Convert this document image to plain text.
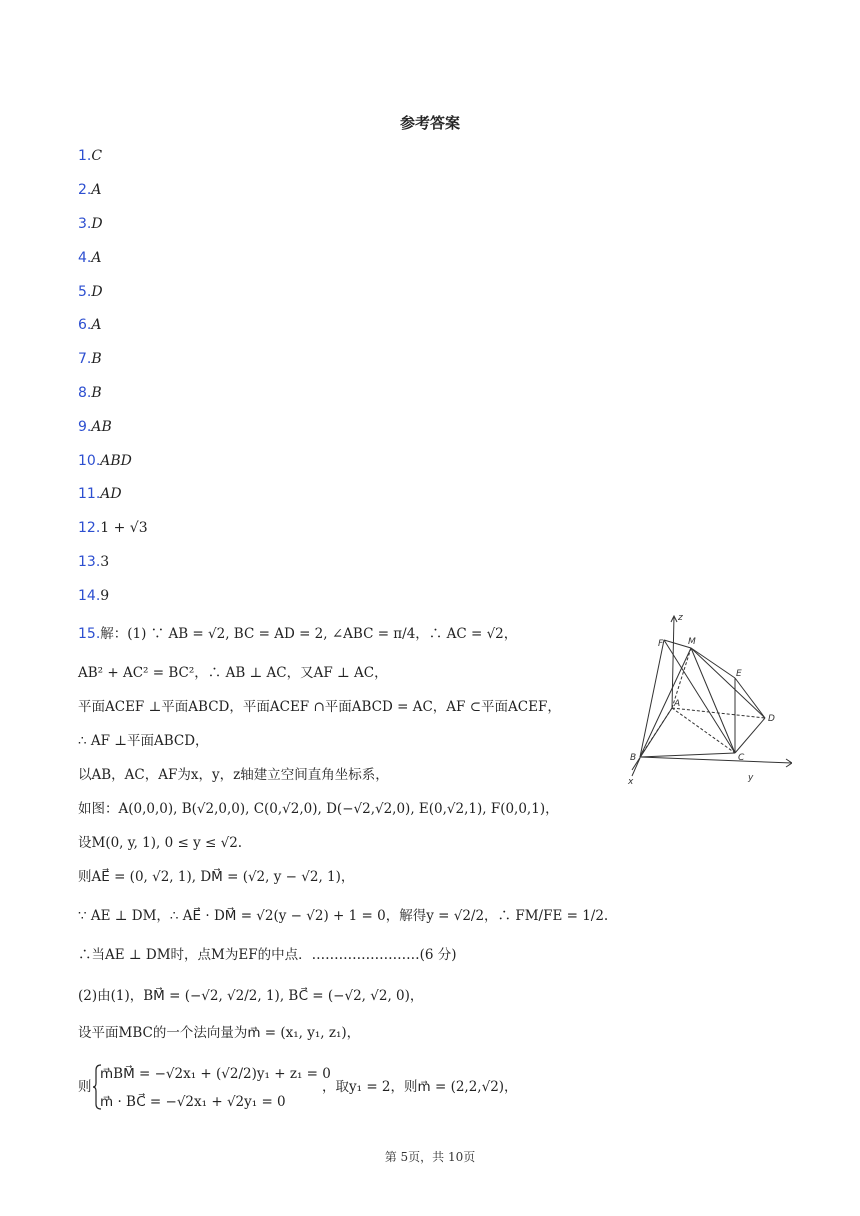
参考答案
1.C
2.A
3.D
4.A
5.D
6.A
7.B
8.B
9.AB
10.ABD
11.AD
12.1 + √3
13.3
14.9
15.解：(1) ∵ AB = √2, BC = AD = 2, ∠ABC = π/4，∴ AC = √2，
AB² + AC² = BC²，∴ AB ⊥ AC，又AF ⊥ AC，
平面ACEF ⊥平面ABCD，平面ACEF ∩平面ABCD = AC，AF ⊂平面ACEF，
∴ AF ⊥平面ABCD，
以AB，AC，AF为x，y，z轴建立空间直角坐标系，
如图：A(0,0,0), B(√2,0,0), C(0,√2,0), D(−√2,√2,0), E(0,√2,1), F(0,0,1)，
设M(0, y, 1), 0 ≤ y ≤ √2.
则AE⃗ = (0, √2, 1), DM⃗ = (√2, y − √2, 1)，
∵ AE ⊥ DM，∴ AE⃗ · DM⃗ = √2(y − √2) + 1 = 0，解得y = √2/2，∴ FM/FE = 1/2.
∴当AE ⊥ DM时，点M为EF的中点．……………………(6 分)
(2)由(1)，BM⃗ = (−√2, √2/2, 1), BC⃗ = (−√2, √2, 0)，
设平面MBC的一个法向量为m⃗ = (x₁, y₁, z₁)，
则
m⃗BM⃗ = −√2x₁ + (√2/2)y₁ + z₁ = 0
m⃗ · BC⃗ = −√2x₁ + √2y₁ = 0
，取y₁ = 2，则m⃗ = (2,2,√2)，
z
F	M
E
A
D
B	C
x	y
第 5页，共 10页
